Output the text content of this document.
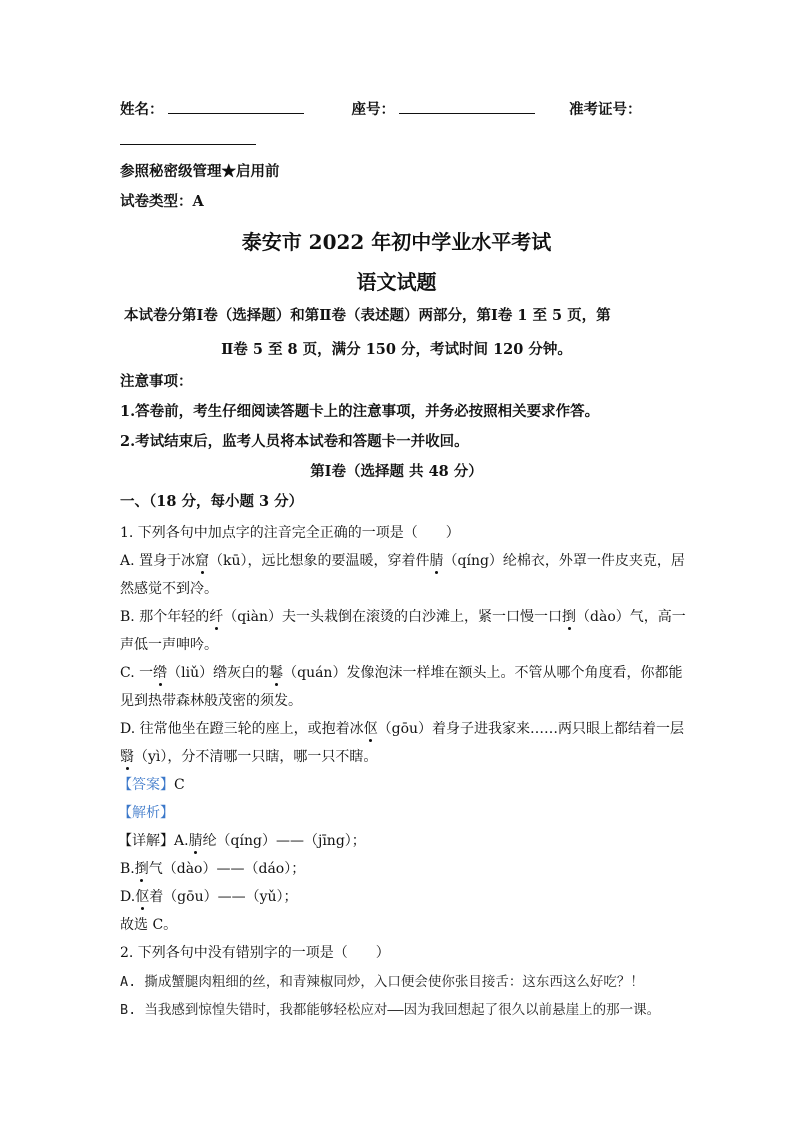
姓名：	座号：	准考证号：
参照秘密级管理★启用前
试卷类型：A
泰安市 2022 年初中学业水平考试
语文试题
本试卷分第Ⅰ卷（选择题）和第Ⅱ卷（表述题）两部分，第Ⅰ卷 1 至 5 页，第
Ⅱ卷 5 至 8 页，满分 150 分，考试时间 120 分钟。
注意事项：
1.答卷前，考生仔细阅读答题卡上的注意事项，并务必按照相关要求作答。
2.考试结束后，监考人员将本试卷和答题卡一并收回。
第Ⅰ卷（选择题 共 48 分）
一、（18 分，每小题 3 分）
1. 下列各句中加点字的注音完全正确的一项是（　　）
A. 置身于冰窟（kū），远比想象的要温暖，穿着件腈（qíng）纶棉衣，外罩一件皮夹克，居
然感觉不到冷。
B. 那个年轻的纤（qiàn）夫一头栽倒在滚烫的白沙滩上，紧一口慢一口捯（dào）气，高一
声低一声呻吟。
C. 一绺（liǔ）绺灰白的鬈（quán）发像泡沫一样堆在额头上。不管从哪个角度看，你都能
见到热带森林般茂密的须发。
D. 往常他坐在蹬三轮的座上，或抱着冰伛（gōu）着身子进我家来……两只眼上都结着一层
翳（yì），分不清哪一只瞎，哪一只不瞎。
【答案】C
【解析】
【详解】A.腈纶（qíng）——（jīng）；
B.捯气（dào）——（dáo）；
D.伛着（gōu）——（yǔ）；
故选 C。
2. 下列各句中没有错别字的一项是（　　）
A. 撕成蟹腿肉粗细的丝，和青辣椒同炒，入口便会使你张目接舌：这东西这么好吃？！
B. 当我感到惊惶失错时，我都能够轻松应对——因为我回想起了很久以前悬崖上的那一课。
